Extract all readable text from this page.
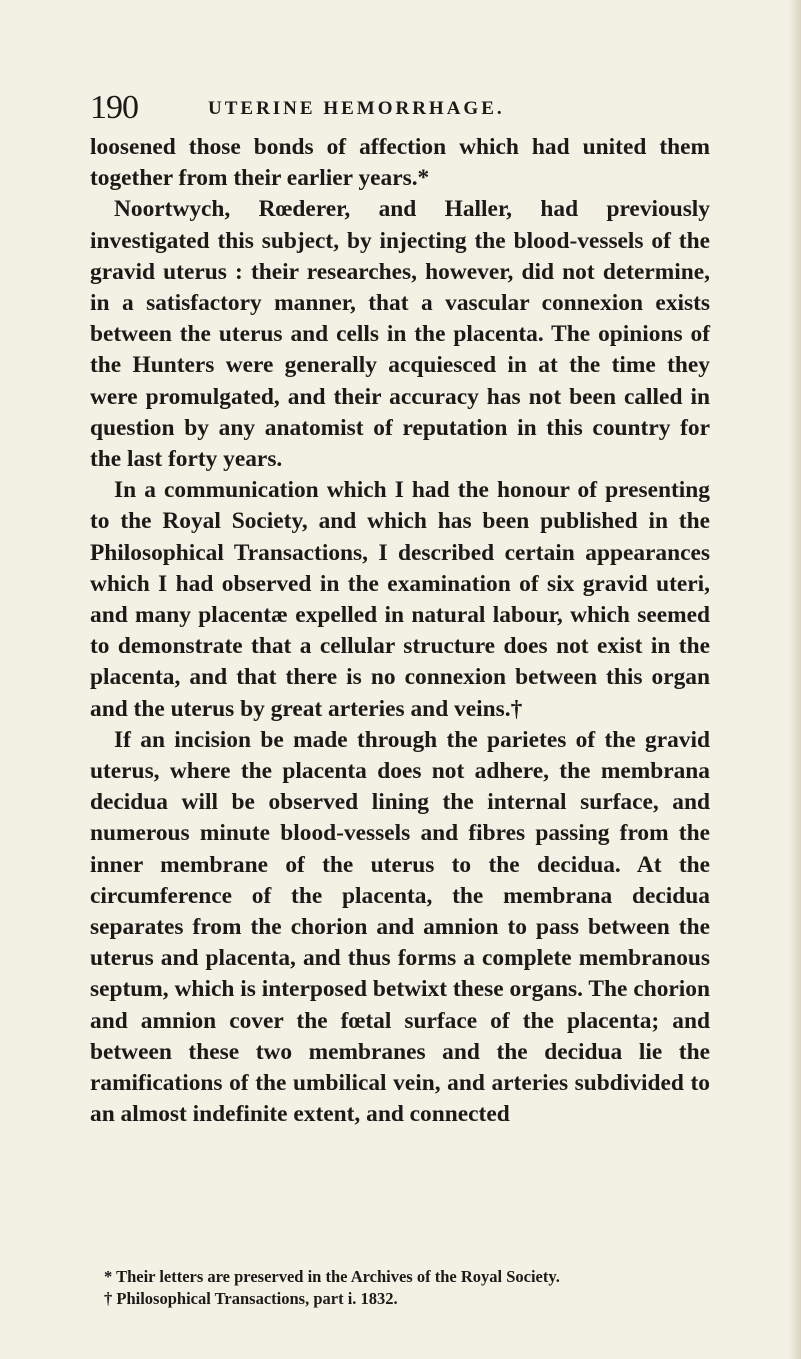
190	UTERINE HEMORRHAGE.

loosened those bonds of affection which had united them together from their earlier years.*

Noortwych, Rœderer, and Haller, had previously investigated this subject, by injecting the blood-vessels of the gravid uterus : their researches, however, did not determine, in a satisfactory manner, that a vascular connexion exists between the uterus and cells in the placenta. The opinions of the Hunters were generally acquiesced in at the time they were promulgated, and their accuracy has not been called in question by any anatomist of reputation in this country for the last forty years.

In a communication which I had the honour of presenting to the Royal Society, and which has been published in the Philosophical Transactions, I described certain appearances which I had observed in the examination of six gravid uteri, and many placentæ expelled in natural labour, which seemed to demonstrate that a cellular structure does not exist in the placenta, and that there is no connexion between this organ and the uterus by great arteries and veins.†

If an incision be made through the parietes of the gravid uterus, where the placenta does not adhere, the membrana decidua will be observed lining the internal surface, and numerous minute blood-vessels and fibres passing from the inner membrane of the uterus to the decidua. At the circumference of the placenta, the membrana decidua separates from the chorion and amnion to pass between the uterus and placenta, and thus forms a complete membranous septum, which is interposed betwixt these organs. The chorion and amnion cover the fœtal surface of the placenta; and between these two membranes and the decidua lie the ramifications of the umbilical vein, and arteries subdivided to an almost indefinite extent, and connected

* Their letters are preserved in the Archives of the Royal Society.

† Philosophical Transactions, part i. 1832.
